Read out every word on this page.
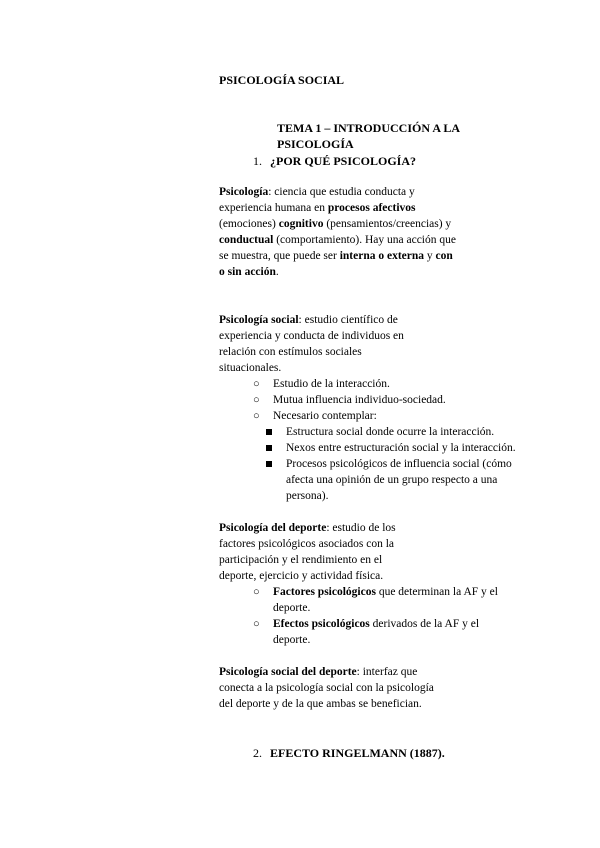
PSICOLOGÍA SOCIAL
TEMA 1 – INTRODUCCIÓN A LA PSICOLOGÍA
1. ¿POR QUÉ PSICOLOGÍA?
Psicología: ciencia que estudia conducta y experiencia humana en procesos afectivos (emociones) cognitivo (pensamientos/creencias) y conductual (comportamiento). Hay una acción que se muestra, que puede ser interna o externa y con o sin acción.
Psicología social: estudio científico de experiencia y conducta de individuos en relación con estímulos sociales situacionales.
○	Estudio de la interacción.
○	Mutua influencia individuo-sociedad.
○	Necesario contemplar:
Estructura social donde ocurre la interacción.
Nexos entre estructuración social y la interacción.
Procesos psicológicos de influencia social (cómo afecta una opinión de un grupo respecto a una persona).
Psicología del deporte: estudio de los factores psicológicos asociados con la participación y el rendimiento en el deporte, ejercicio y actividad física.
○	Factores psicológicos que determinan la AF y el deporte.
○	Efectos psicológicos derivados de la AF y el deporte.
Psicología social del deporte: interfaz que conecta a la psicología social con la psicología del deporte y de la que ambas se benefician.
2. EFECTO RINGELMANN (1887).
